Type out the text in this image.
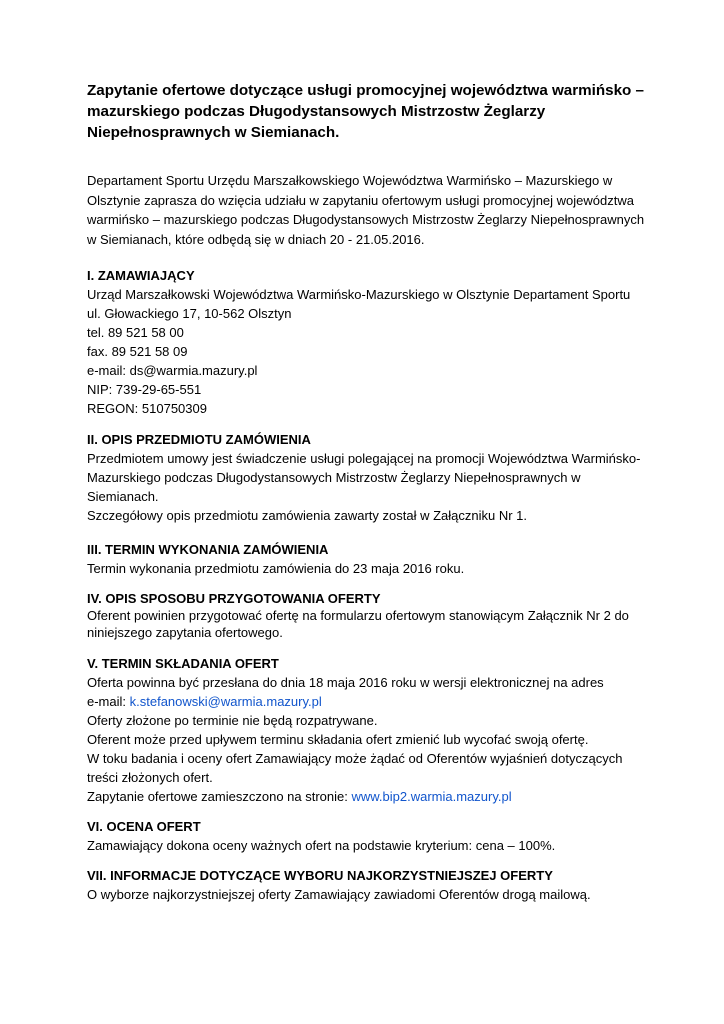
Zapytanie ofertowe dotyczące usługi promocyjnej województwa warmińsko – mazurskiego podczas Długodystansowych Mistrzostw Żeglarzy Niepełnosprawnych w Siemianach.

Departament Sportu Urzędu Marszałkowskiego Województwa Warmińsko – Mazurskiego w Olsztynie zaprasza do wzięcia udziału w zapytaniu ofertowym usługi promocyjnej województwa warmińsko – mazurskiego podczas Długodystansowych Mistrzostw Żeglarzy Niepełnosprawnych w Siemianach, które odbędą się w dniach 20 - 21.05.2016.

I. ZAMAWIAJĄCY

Urząd Marszałkowski Województwa Warmińsko-Mazurskiego w Olsztynie Departament Sportu

ul. Głowackiego 17, 10-562 Olsztyn

tel. 89 521 58 00

fax. 89 521 58 09

e-mail: ds@warmia.mazury.pl

NIP: 739-29-65-551

REGON: 510750309

II. OPIS PRZEDMIOTU ZAMÓWIENIA

Przedmiotem umowy jest świadczenie usługi polegającej na promocji Województwa Warmińsko-Mazurskiego podczas Długodystansowych Mistrzostw Żeglarzy Niepełnosprawnych w Siemianach.

Szczegółowy opis przedmiotu zamówienia zawarty został w Załączniku Nr 1.

III. TERMIN WYKONANIA ZAMÓWIENIA

Termin wykonania przedmiotu zamówienia do 23 maja 2016 roku.

IV. OPIS SPOSOBU PRZYGOTOWANIA OFERTY

Oferent powinien przygotować ofertę na formularzu ofertowym stanowiącym Załącznik Nr 2 do niniejszego zapytania ofertowego.

V. TERMIN SKŁADANIA OFERT

Oferta powinna być przesłana do dnia 18 maja 2016 roku w wersji elektronicznej na adres

e-mail: k.stefanowski@warmia.mazury.pl

Oferty złożone po terminie nie będą rozpatrywane.

Oferent może przed upływem terminu składania ofert zmienić lub wycofać swoją ofertę.

W toku badania i oceny ofert Zamawiający może żądać od Oferentów wyjaśnień dotyczących treści złożonych ofert.

Zapytanie ofertowe zamieszczono na stronie: www.bip2.warmia.mazury.pl

VI. OCENA OFERT

Zamawiający dokona oceny ważnych ofert na podstawie kryterium: cena – 100%.

VII. INFORMACJE DOTYCZĄCE WYBORU NAJKORZYSTNIEJSZEJ OFERTY

O wyborze najkorzystniejszej oferty Zamawiający zawiadomi Oferentów drogą mailową.
